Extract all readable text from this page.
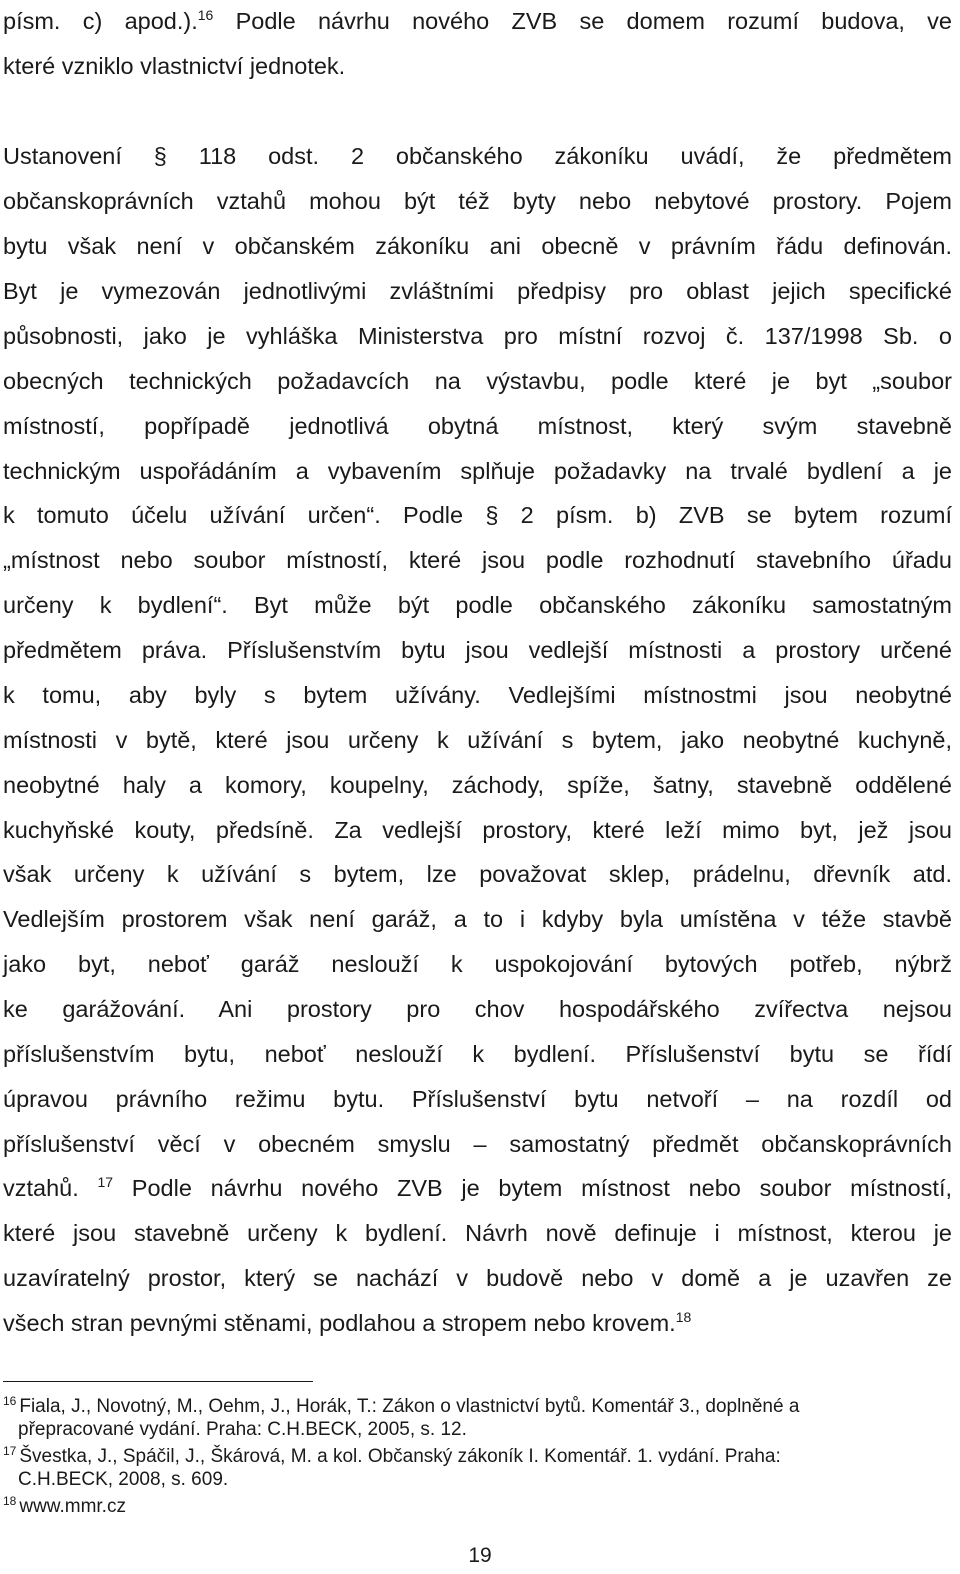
písm. c) apod.).$^{16}$ Podle návrhu nového ZVB se domem rozumí budova, ve

které vzniklo vlastnictví jednotek.

Ustanovení § 118 odst. 2 občanského zákoníku uvádí, že předmětem

občanskoprávních vztahů mohou být též byty nebo nebytové prostory. Pojem

bytu však není v občanském zákoníku ani obecně v právním řádu definován.

Byt je vymezován jednotlivými zvláštními předpisy pro oblast jejich specifické

působnosti, jako je vyhláška Ministerstva pro místní rozvoj č. 137/1998 Sb. o

obecných technických požadavcích na výstavbu, podle které je byt „soubor

místností, popřípadě jednotlivá obytná místnost, který svým stavebně

technickým uspořádáním a vybavením splňuje požadavky na trvalé bydlení a je

k tomuto účelu užívání určen“. Podle § 2 písm. b) ZVB se bytem rozumí

„místnost nebo soubor místností, které jsou podle rozhodnutí stavebního úřadu

určeny k bydlení“. Byt může být podle občanského zákoníku samostatným

předmětem práva. Příslušenstvím bytu jsou vedlejší místnosti a prostory určené

k tomu, aby byly s bytem užívány. Vedlejšími místnostmi jsou neobytné

místnosti v bytě, které jsou určeny k užívání s bytem, jako neobytné kuchyně,

neobytné haly a komory, koupelny, záchody, spíže, šatny, stavebně oddělené

kuchyňské kouty, předsíně. Za vedlejší prostory, které leží mimo byt, jež jsou

však určeny k užívání s bytem, lze považovat sklep, prádelnu, dřevník atd.

Vedlejším prostorem však není garáž, a to i kdyby byla umístěna v téže stavbě

jako byt, neboť garáž neslouží k uspokojování bytových potřeb, nýbrž

ke garážování. Ani prostory pro chov hospodářského zvířectva nejsou

příslušenstvím bytu, neboť neslouží k bydlení. Příslušenství bytu se řídí

úpravou právního režimu bytu. Příslušenství bytu netvoří – na rozdíl od

příslušenství věcí v obecném smyslu – samostatný předmět občanskoprávních

vztahů. $^{17}$ Podle návrhu nového ZVB je bytem místnost nebo soubor místností,

které jsou stavebně určeny k bydlení. Návrh nově definuje i místnost, kterou je

uzavíratelný prostor, který se nachází v budově nebo v domě a je uzavřen ze

všech stran pevnými stěnami, podlahou a stropem nebo krovem.$^{18}$

$^{16}$ Fiala, J., Novotný, M., Oehm, J., Horák, T.: Zákon o vlastnictví bytů. Komentář 3., doplněné a
přepracované vydání. Praha: C.H.BECK, 2005, s. 12.
$^{17}$ Švestka, J., Spáčil, J., Škárová, M. a kol. Občanský zákoník I. Komentář. 1. vydání. Praha:
C.H.BECK, 2008, s. 609.
$^{18}$ www.mmr.cz
19
